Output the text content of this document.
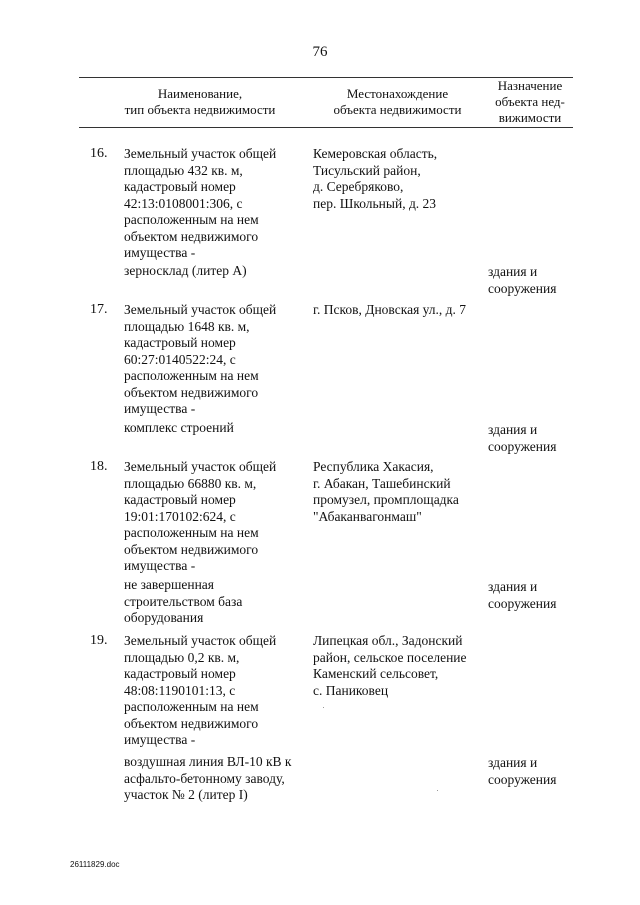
76
Наименование,
тип объекта недвижимости
Местонахождение
объекта недвижимости
Назначение
объекта нед-
вижимости
16. Земельный участок общей
площадью 432 кв. м,
кадастровый номер
42:13:0108001:306, с
расположенным на нем
объектом недвижимого
имущества -
Кемеровская область,
Тисульский район,
д. Серебряково,
пер. Школьный, д. 23
зерносклад (литер А)	здания и
сооружения
17. Земельный участок общей
площадью 1648 кв. м,
кадастровый номер
60:27:0140522:24, с
расположенным на нем
объектом недвижимого
имущества -
г. Псков, Дновская ул., д. 7
комплекс строений	здания и
сооружения
18. Земельный участок общей
площадью 66880 кв. м,
кадастровый номер
19:01:170102:624, с
расположенным на нем
объектом недвижимого
имущества -
Республика Хакасия,
г. Абакан, Ташебинский
промузел, промплощадка
"Абаканвагонмаш"
не завершенная
строительством база
оборудования
здания и
сооружения
19. Земельный участок общей
площадью 0,2 кв. м,
кадастровый номер
48:08:1190101:13, с
расположенным на нем
объектом недвижимого
имущества -
Липецкая обл., Задонский
район, сельское поселение
Каменский сельсовет,
с. Паниковец
воздушная линия ВЛ-10 кВ к
асфальто-бетонному заводу,
участок № 2 (литер I)
здания и
сооружения
26111829.doc
